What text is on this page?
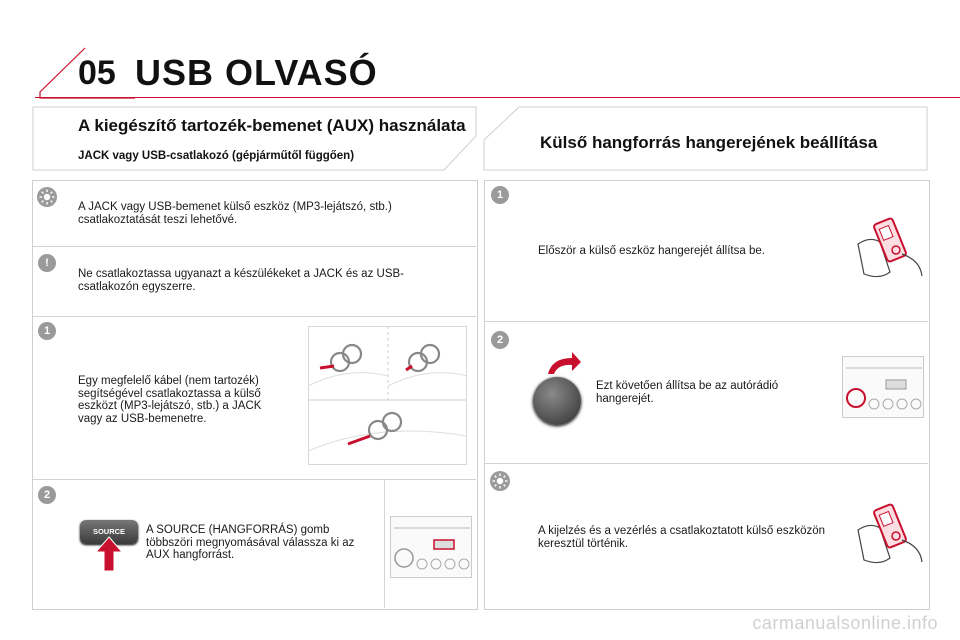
05 USB OLVASÓ
A kiegészítő tartozék-bemenet (AUX) használata
JACK vagy USB-csatlakozó (gépjárműtől függően)
A JACK vagy USB-bemenet külső eszköz (MP3-lejátszó, stb.) csatlakoztatását teszi lehetővé.
!
Ne csatlakoztassa ugyanazt a készülékeket a JACK és az USB-csatlakozón egyszerre.
1
Egy megfelelő kábel (nem tartozék) segítségével csatlakoztassa a külső eszközt (MP3-lejátszó, stb.) a JACK vagy az USB-bemenetre.
2
SOURCE	A SOURCE (HANGFORRÁS) gomb többszöri megnyomásával válassza ki az AUX hangforrást.
Külső hangforrás hangerejének beállítása
1
Először a külső eszköz hangerejét állítsa be.
2
Ezt követően állítsa be az autórádió hangerejét.
A kijelzés és a vezérlés a csatlakoztatott külső eszközön keresztül történik.
carmanualsonline.info
